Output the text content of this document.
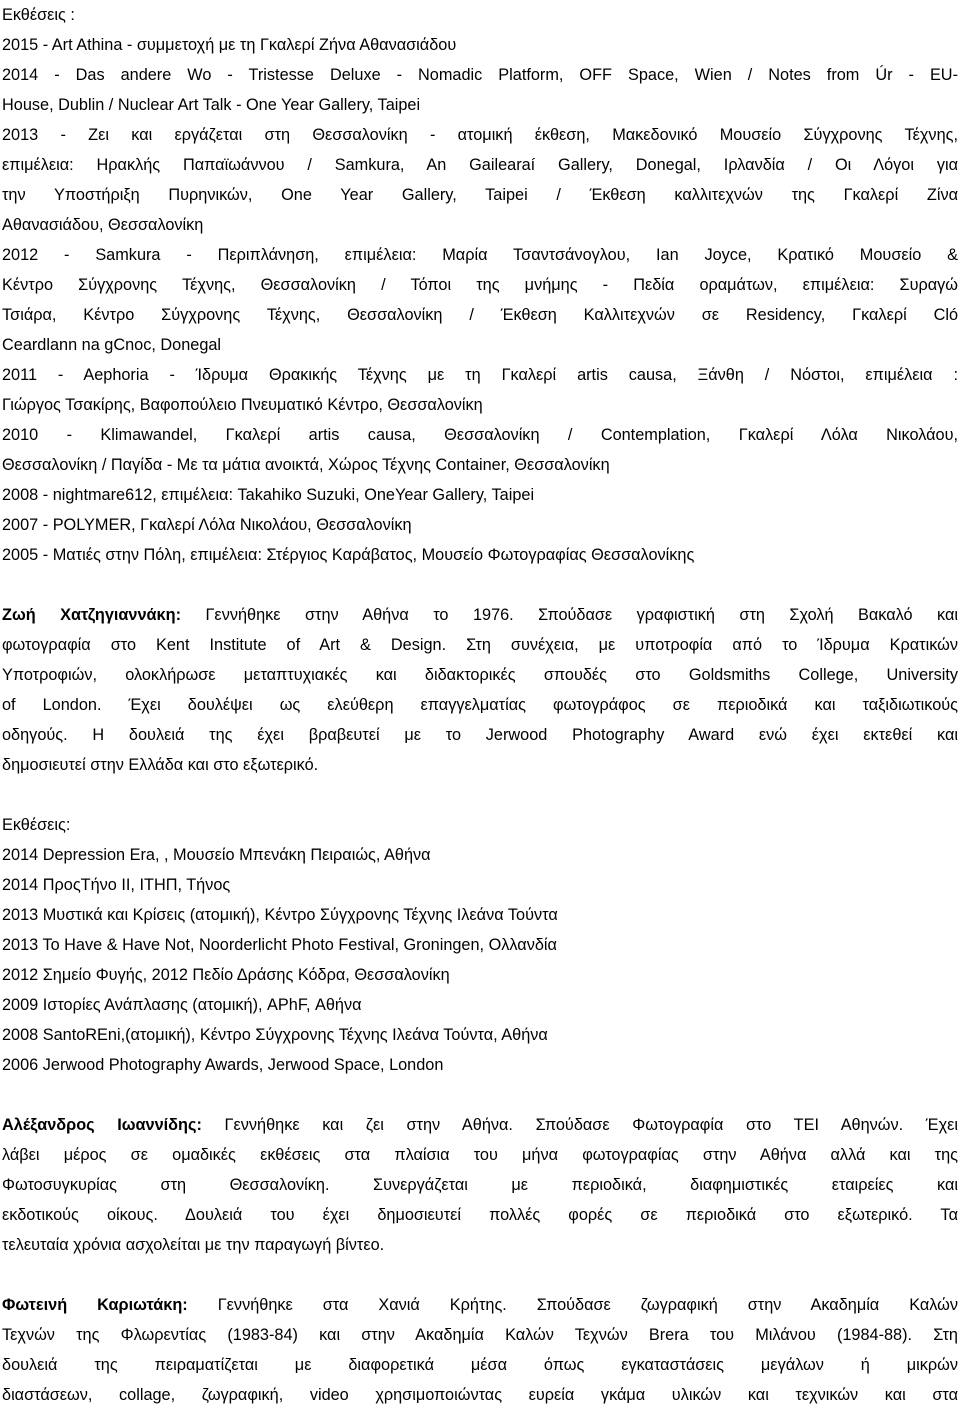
Εκθέσεις :
2015 - Art Athina - συμμετοχή με τη Γκαλερί Ζήνα Αθανασιάδου
2014 - Das andere Wo - Tristesse Deluxe - Nomadic Platform, OFF Space, Wien / Notes from Úr - EU-
House, Dublin / Nuclear Art Talk - One Year Gallery, Taipei
2013 - Ζει και εργάζεται στη Θεσσαλονίκη - ατομική έκθεση, Μακεδονικό Μουσείο Σύγχρονης Τέχνης,
επιμέλεια: Ηρακλής Παπαϊωάννου / Samkura, An Gailearaí Gallery, Donegal, Ιρλανδία / Οι Λόγοι για
την Υποστήριξη Πυρηνικών, One Year Gallery, Taipei / Έκθεση καλλιτεχνών της Γκαλερί Ζίνα
Αθανασιάδου, Θεσσαλονίκη
2012 - Samkura - Περιπλάνηση, επιμέλεια: Μαρία Τσαντσάνογλου, Ian Joyce, Κρατικό Μουσείο &
Κέντρο Σύγχρονης Τέχνης, Θεσσαλονίκη / Τόποι της μνήμης - Πεδία οραμάτων, επιμέλεια: Συραγώ
Τσιάρα, Κέντρο Σύγχρονης Τέχνης, Θεσσαλονίκη / Έκθεση Καλλιτεχνών σε Residency, Γκαλερί Cló
Ceardlann na gCnoc, Donegal
2011 - Aephoria - Ίδρυμα Θρακικής Τέχνης με τη Γκαλερί artis causa, Ξάνθη / Νόστοι, επιμέλεια :
Γιώργος Τσακίρης, Βαφοπούλειο Πνευματικό Κέντρο, Θεσσαλονίκη
2010 - Klimawandel, Γκαλερί artis causa, Θεσσαλονίκη / Contemplation, Γκαλερί Λόλα Νικολάου,
Θεσσαλονίκη / Παγίδα - Με τα μάτια ανοικτά, Χώρος Τέχνης Container, Θεσσαλονίκη
2008 - nightmare612, επιμέλεια: Takahiko Suzuki, OneYear Gallery, Taipei
2007 - POLYMER, Γκαλερί Λόλα Νικολάου, Θεσσαλονίκη
2005 - Ματιές στην Πόλη, επιμέλεια: Στέργιος Καράβατος, Μουσείο Φωτογραφίας Θεσσαλονίκης
Ζωή Χατζηγιαννάκη: Γεννήθηκε στην Αθήνα το 1976. Σπούδασε γραφιστική στη Σχολή Βακαλό και
φωτογραφία στο Kent Institute of Art & Design. Στη συνέχεια, με υποτροφία από το Ίδρυμα Κρατικών
Υποτροφιών, ολοκλήρωσε μεταπτυχιακές και διδακτορικές σπουδές στο Goldsmiths College, University
of London. Έχει δουλέψει ως ελεύθερη επαγγελματίας φωτογράφος σε περιοδικά και ταξιδιωτικούς
οδηγούς. Η δουλειά της έχει βραβευτεί με το Jerwood Photography Award ενώ έχει εκτεθεί και
δημοσιευτεί στην Ελλάδα και στο εξωτερικό.
Εκθέσεις:
2014 Depression Era, , Μουσείο Μπενάκη Πειραιώς, Αθήνα
2014 ΠροςΤήνο ΙΙ, ΙΤΗΠ, Τήνος
2013 Μυστικά και Κρίσεις (ατομική), Κέντρο Σύγχρονης Τέχνης Ιλεάνα Τούντα
2013 To Have & Have Not, Noorderlicht Photo Festival, Groningen, Ολλανδία
2012 Σημείο Φυγής, 2012 Πεδίο Δράσης Κόδρα, Θεσσαλονίκη
2009 Ιστορίες Ανάπλασης (ατομική), APhF, Αθήνα
2008 SantoREni,(ατομική), Κέντρο Σύγχρονης Τέχνης Ιλεάνα Τούντα, Αθήνα
2006 Jerwood Photography Awards, Jerwood Space, London
Αλέξανδρος Ιωαννίδης: Γεννήθηκε και ζει στην Αθήνα. Σπούδασε Φωτογραφία στο ΤΕΙ Αθηνών. Έχει
λάβει μέρος σε ομαδικές εκθέσεις στα πλαίσια του μήνα φωτογραφίας στην Αθήνα αλλά και της
Φωτοσυγκυρίας στη Θεσσαλονίκη. Συνεργάζεται με περιοδικά, διαφημιστικές εταιρείες και
εκδοτικούς οίκους. Δουλειά του έχει δημοσιευτεί πολλές φορές σε περιοδικά στο εξωτερικό. Τα
τελευταία χρόνια ασχολείται με την παραγωγή βίντεο.
Φωτεινή Καριωτάκη: Γεννήθηκε στα Χανιά Κρήτης. Σπούδασε ζωγραφική στην Ακαδημία Καλών
Τεχνών της Φλωρεντίας (1983-84) και στην Ακαδημία Καλών Τεχνών Brera του Μιλάνου (1984-88). Στη
δουλειά της πειραματίζεται με διαφορετικά μέσα όπως εγκαταστάσεις μεγάλων ή μικρών
διαστάσεων, collage, ζωγραφική, video χρησιμοποιώντας ευρεία γκάμα υλικών και τεχνικών και στα
